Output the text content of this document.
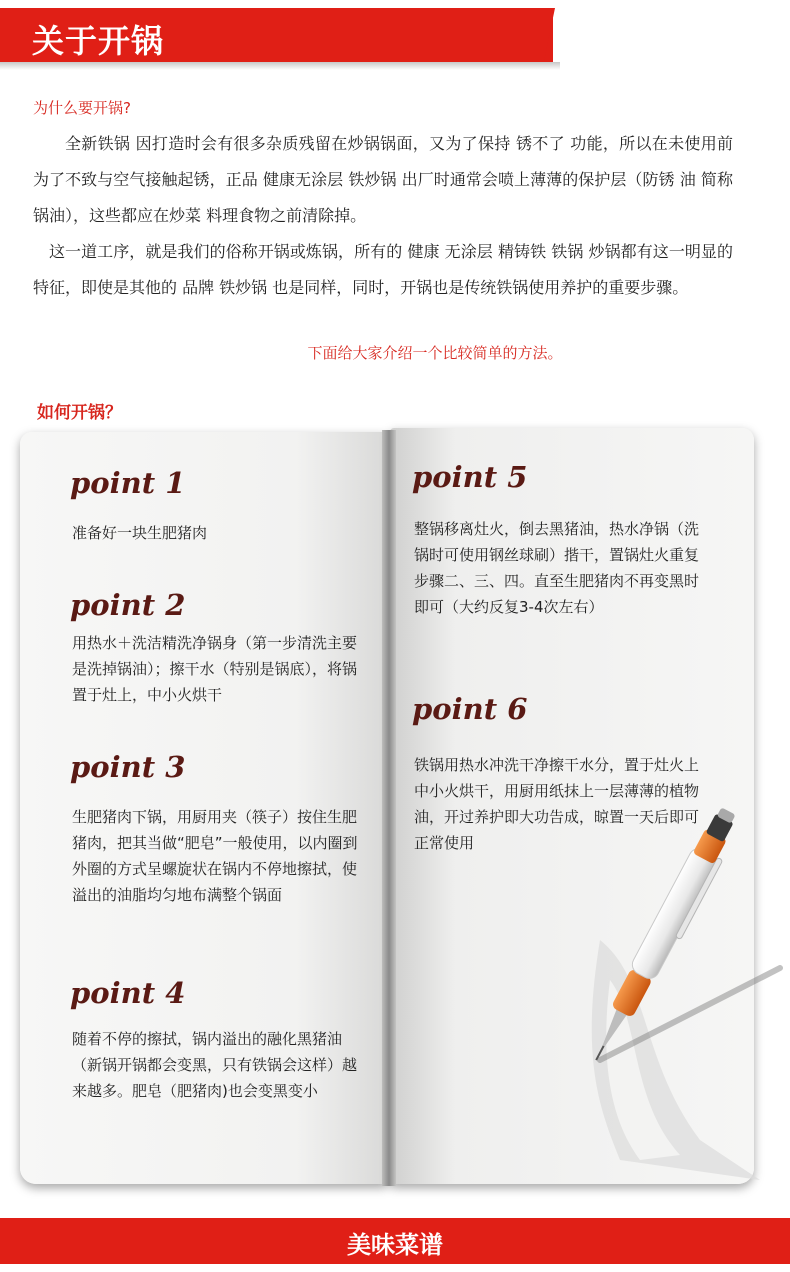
关于开锅
为什么要开锅?

全新铁锅 因打造时会有很多杂质残留在炒锅锅面，又为了保持 锈不了 功能，所以在未使用前为了不致与空气接触起锈，正品 健康无涂层 铁炒锅 出厂时通常会喷上薄薄的保护层（防锈 油 简称 锅油），这些都应在炒菜 料理食物之前清除掉。

这一道工序，就是我们的俗称开锅或炼锅，所有的 健康 无涂层 精铸铁 铁锅 炒锅都有这一明显的特征，即使是其他的 品牌 铁炒锅 也是同样，同时，开锅也是传统铁锅使用养护的重要步骤。

下面给大家介绍一个比较简单的方法。
如何开锅？
point 1

准备好一块生肥猪肉

point 2

用热水＋洗洁精洗净锅身（第一步清洗主要是洗掉锅油）；擦干水（特别是锅底），将锅置于灶上，中小火烘干

point 3

生肥猪肉下锅，用厨用夹（筷子）按住生肥猪肉，把其当做“肥皂”一般使用，以内圈到外圈的方式呈螺旋状在锅内不停地擦拭，使溢出的油脂均匀地布满整个锅面

point 4

随着不停的擦拭，锅内溢出的融化黑猪油（新锅开锅都会变黑，只有铁锅会这样）越来越多。肥皂（肥猪肉)也会变黑变小

point 5

整锅移离灶火，倒去黑猪油，热水净锅（洗锅时可使用钢丝球刷）揩干，置锅灶火重复步骤二、三、四。直至生肥猪肉不再变黑时即可（大约反复3-4次左右）

point 6

铁锅用热水冲洗干净擦干水分，置于灶火上中小火烘干，用厨用纸抹上一层薄薄的植物油，开过养护即大功告成，晾置一天后即可正常使用

美味菜谱
